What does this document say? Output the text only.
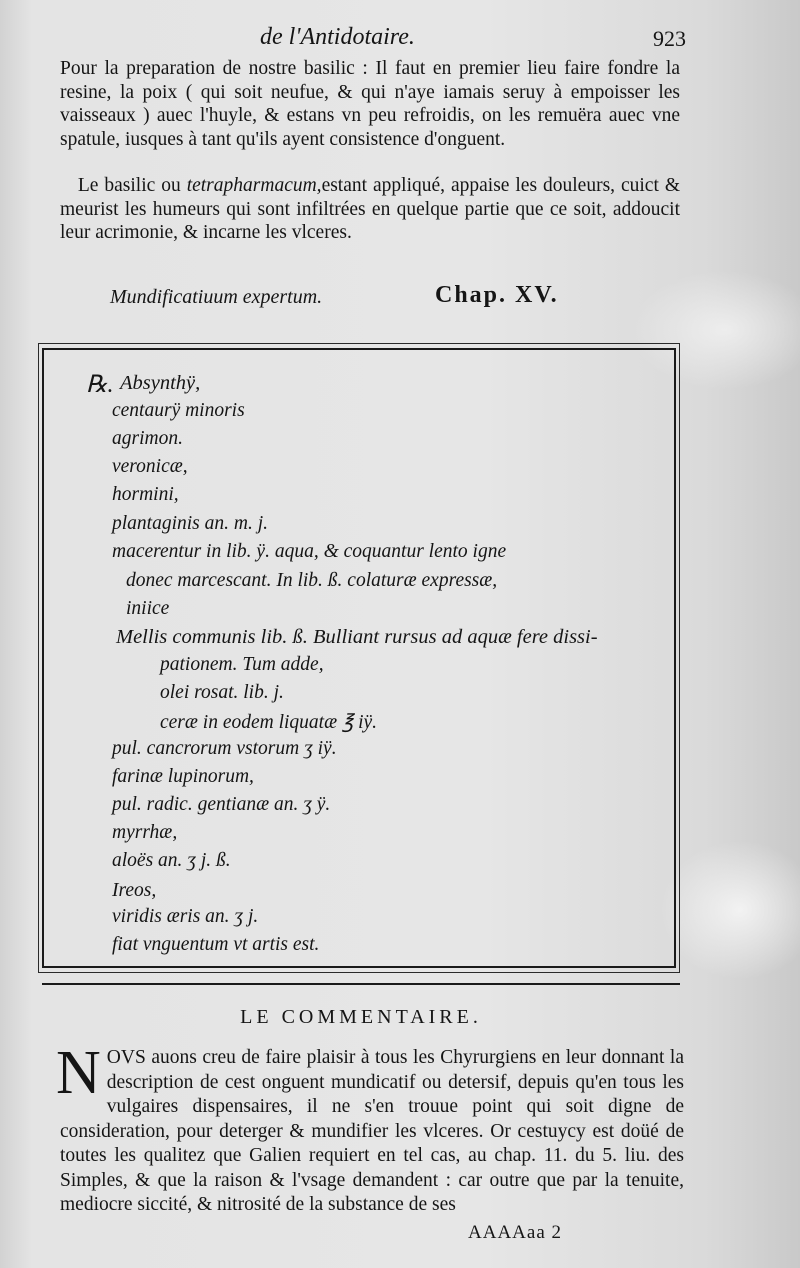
de l'Antidotaire.	923
Pour la preparation de nostre basilic : Il faut en premier lieu faire fondre la resine, la poix ( qui soit neufue, & qui n'aye iamais seruy à empoisser les vaisseaux ) auec l'huyle, & estans vn peu refroidis, on les remuëra auec vne spatule, iusques à tant qu'ils ayent consistence d'onguent.
Le basilic ou tetrapharmacum,estant appliqué, appaise les douleurs, cuict & meurist les humeurs qui sont infiltrées en quelque partie que ce soit, addoucit leur acrimonie, & incarne les vlceres.
Mundificatiuum expertum.	Chap. XV.
℞. Absynthÿ,
centaurÿ minoris
agrimon.
veronicæ,
hormini,
plantaginis an. m. j.
macerentur in lib. ÿ. aqua, & coquantur lento igne
donec marcescant. In lib. ß. colaturæ expressæ,
iniice
Mellis communis lib. ß. Bulliant rursus ad aquæ fere dissi-
pationem. Tum adde,
olei rosat. lib. j.
ceræ in eodem liquatæ ℥ iÿ.
pul. cancrorum vstorum ʒ iÿ.
farinæ lupinorum,
pul. radic. gentianæ an. ʒ ÿ.
myrrhæ,
aloës an. ʒ j. ß.
Ireos,
viridis æris an. ʒ j.
fiat vnguentum vt artis est.
LE COMMENTAIRE.
NOVS auons creu de faire plaisir à tous les Chyrurgiens en leur donnant la description de cest onguent mundicatif ou detersif, depuis qu'en tous les vulgaires dispensaires, il ne s'en trouue point qui soit digne de consideration, pour deterger & mundifier les vlceres. Or cestuycy est doüé de toutes les qualitez que Galien requiert en tel cas, au chap. 11. du 5. liu. des Simples, & que la raison & l'vsage demandent : car outre que par la tenuite, mediocre siccité, & nitrosité de la substance de ses
AAAAaa 2
